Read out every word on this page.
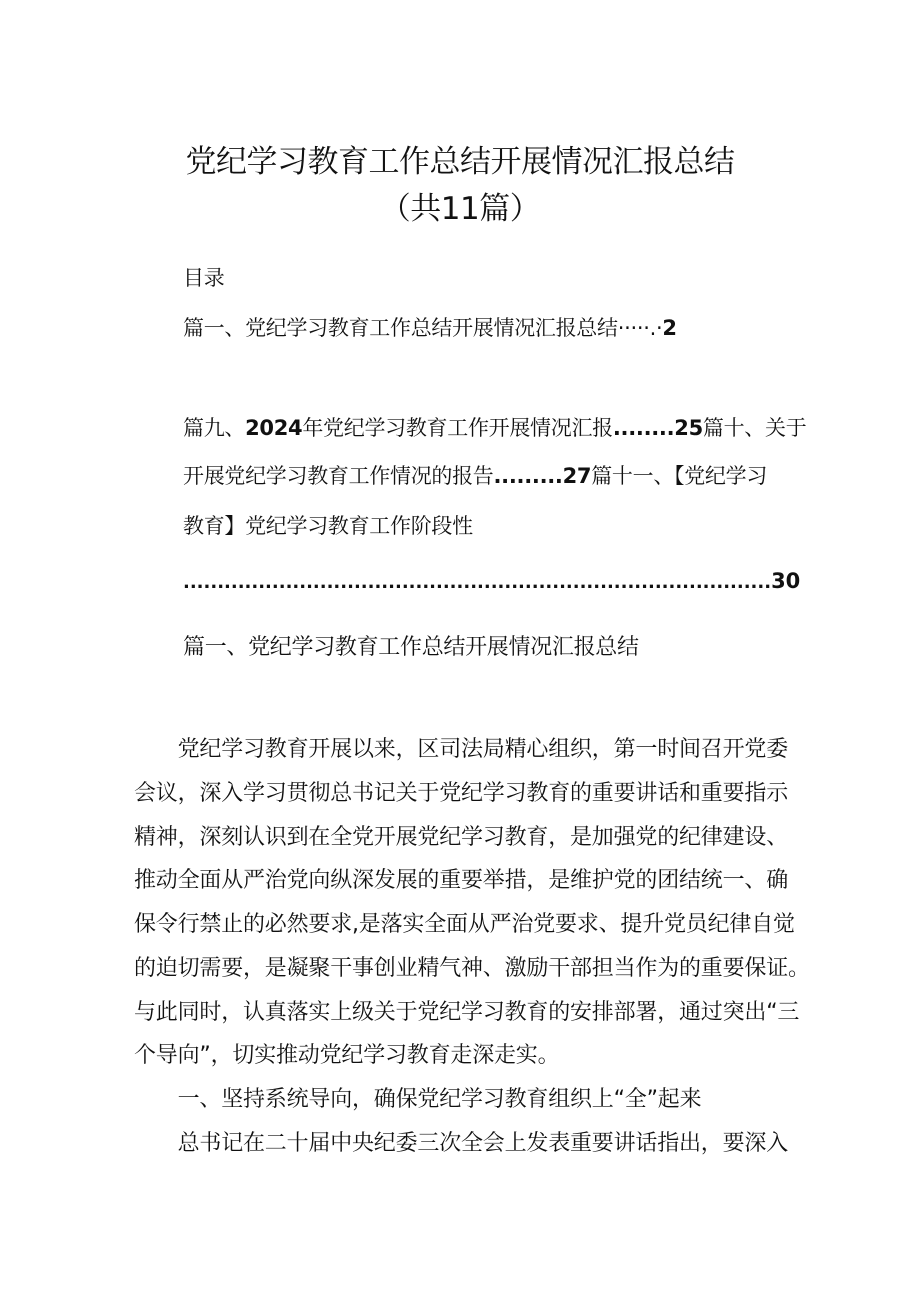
党纪学习教育工作总结开展情况汇报总结
（共11篇）
目录
篇一、党纪学习教育工作总结开展情况汇报总结·····.·2
篇九、2024年党纪学习教育工作开展情况汇报........25篇十、关于
开展党纪学习教育工作情况的报告.........27篇十一、【党纪学习
教育】党纪学习教育工作阶段性
......................................................................................30
篇一、党纪学习教育工作总结开展情况汇报总结
　　党纪学习教育开展以来，区司法局精心组织，第一时间召开党委
会议，深入学习贯彻总书记关于党纪学习教育的重要讲话和重要指示
精神，深刻认识到在全党开展党纪学习教育，是加强党的纪律建设、
推动全面从严治党向纵深发展的重要举措，是维护党的团结统一、确
保令行禁止的必然要求,是落实全面从严治党要求、提升党员纪律自觉
的迫切需要，是凝聚干事创业精气神、激励干部担当作为的重要保证。
与此同时，认真落实上级关于党纪学习教育的安排部署，通过突出“三
个导向”，切实推动党纪学习教育走深走实。
　　一、坚持系统导向，确保党纪学习教育组织上“全”起来
　　总书记在二十届中央纪委三次全会上发表重要讲话指出，要深入
